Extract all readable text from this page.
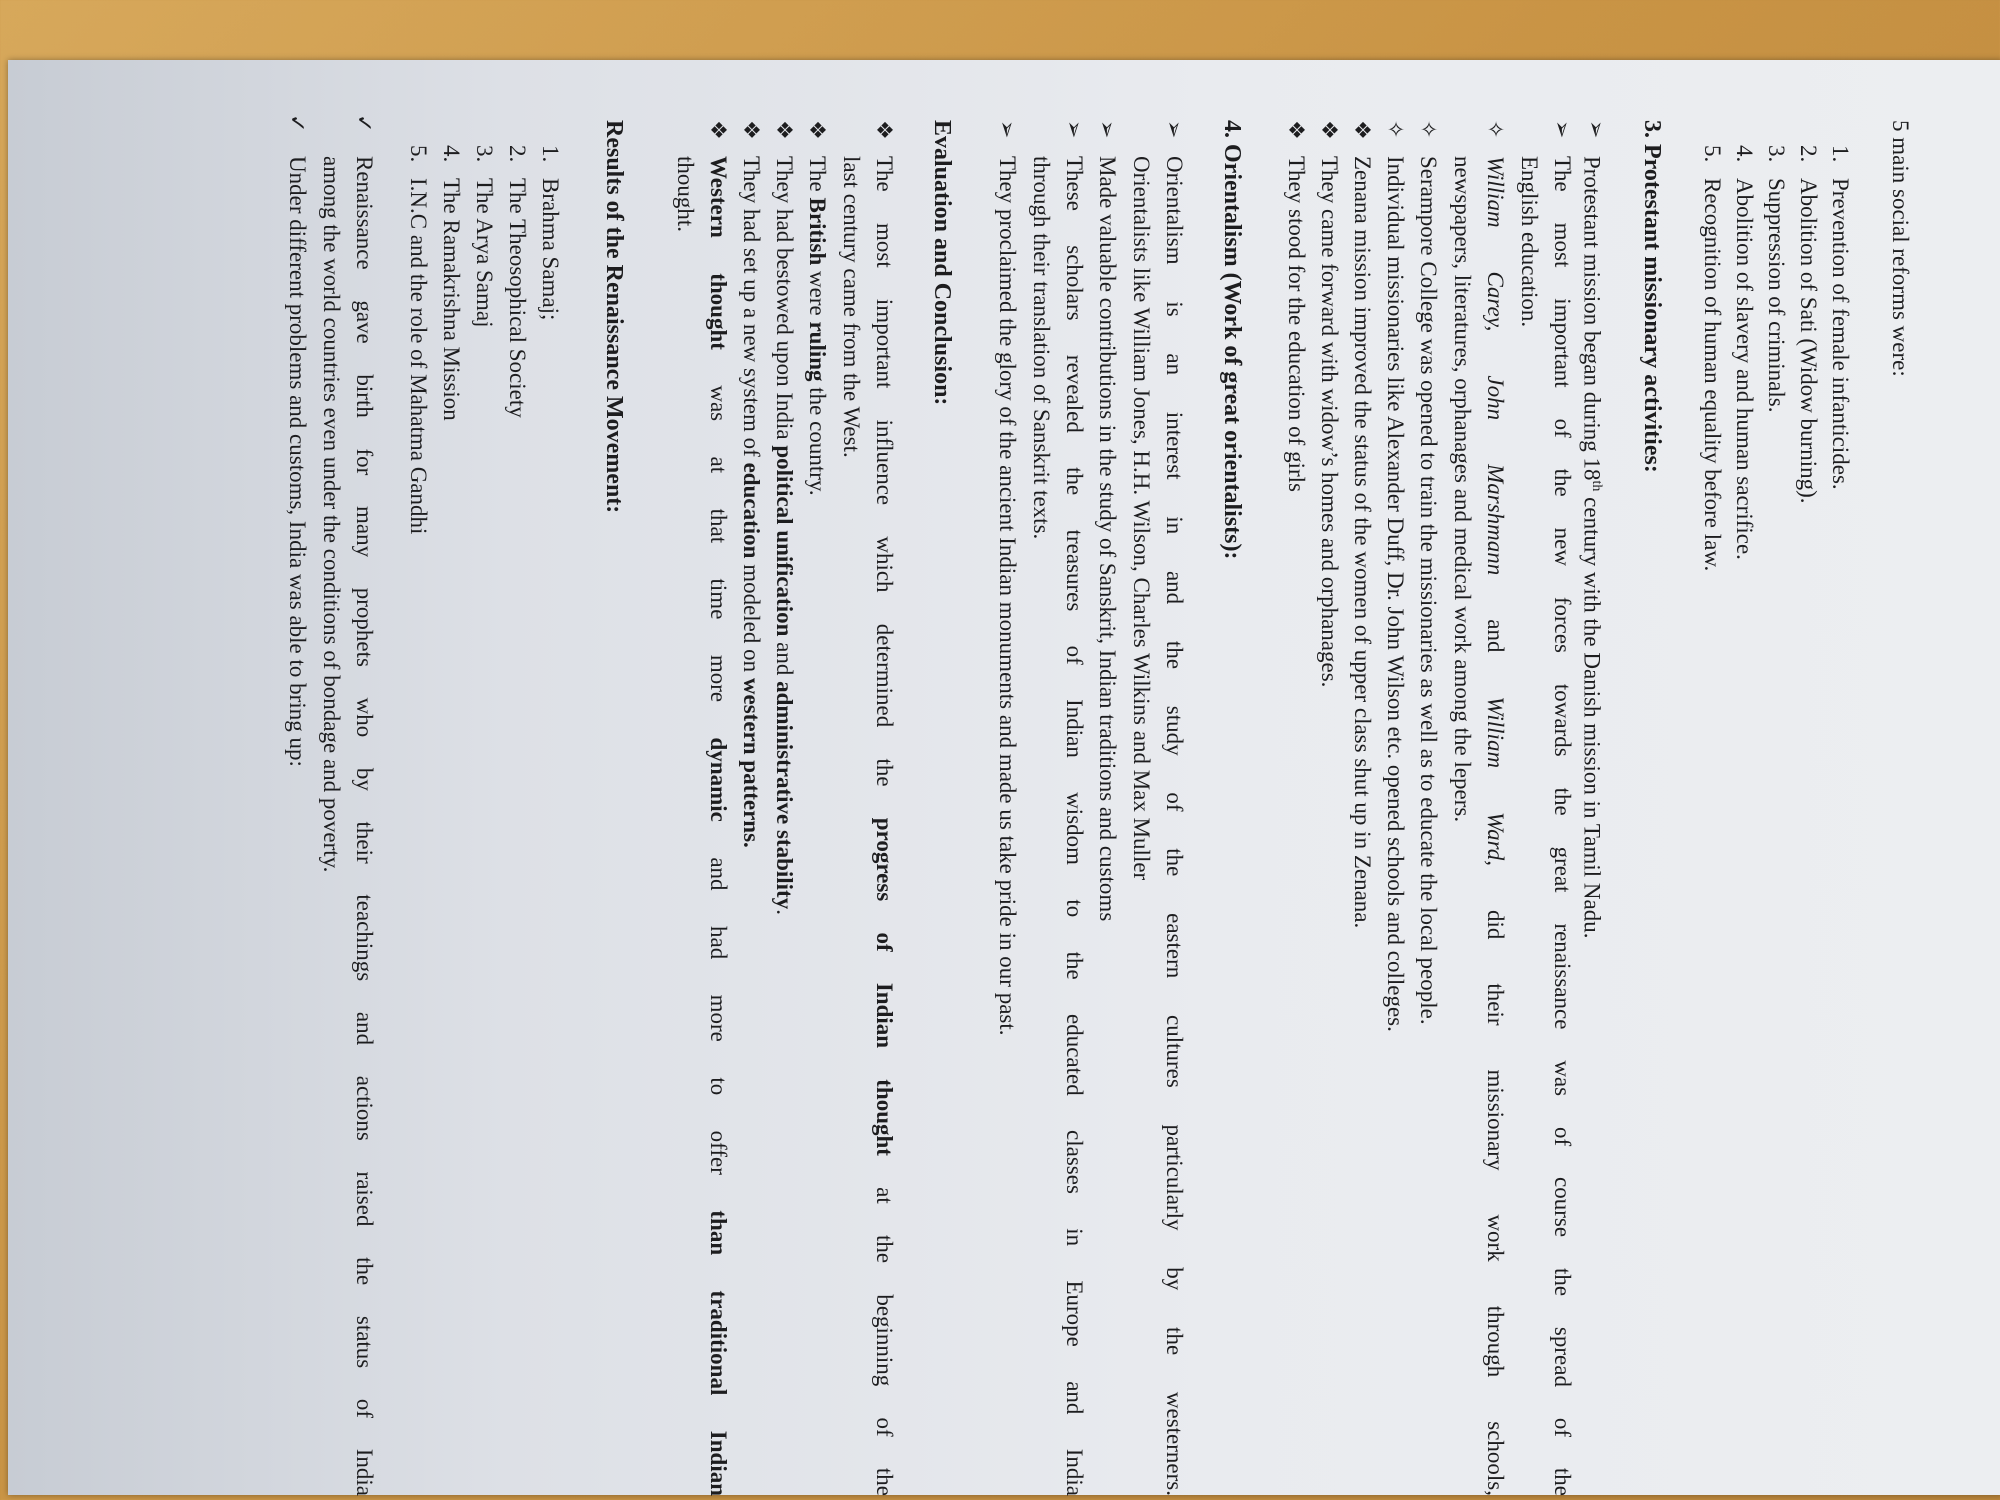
5 main social reforms were:
1.
Prevention of female infanticides.
2.
Abolition of Sati (Widow burning).
3.
Suppression of criminals.
4.
Abolition of slavery and human sacrifice.
5.
Recognition of human equality before law.
3. Protestant missionary activities:
➢
Protestant mission began during 18th century with the Danish mission in Tamil Nadu.
➢
The most important of the new forces towards the great renaissance was of course the spread of the
English education.
✧
William Carey, John Marshmann and William Ward, did their missionary work through schools,
newspapers, literatures, orphanages and medical work among the lepers.
✧
Serampore College was opened to train the missionaries as well as to educate the local people.
✧
Individual missionaries like Alexander Duff, Dr. John Wilson etc. opened schools and colleges.
❖
Zenana mission improved the status of the women of upper class shut up in Zenana.
❖
They came forward with widow’s homes and orphanages.
❖
They stood for the education of girls
4. Orientalism (Work of great orientalists):
➢
Orientalism is an interest in and the study of the eastern cultures particularly by the westerners.
Orientalists like William Jones, H.H. Wilson, Charles Wilkins and Max Muller
➢
Made valuable contributions in the study of Sanskrit, Indian traditions and customs
➢
These scholars revealed the treasures of Indian wisdom to the educated classes in Europe and India
through their translation of Sanskrit texts.
➢
They proclaimed the glory of the ancient Indian monuments and made us take pride in our past.
Evaluation and Conclusion:
❖
The most important influence which determined the progress of Indian thought at the beginning of the
last century came from the West.
❖
The British were ruling the country.
❖
They had bestowed upon India political unification and administrative stability.
❖
They had set up a new system of education modeled on western patterns.
❖
Western thought was at that time more dynamic and had more to offer than traditional Indian
thought.
Results of the Renaissance Movement:
1.
Brahma Samaj;
2.
The Theosophical Society
3.
The Arya Samaj
4.
The Ramakrishna Mission
5.
I.N.C and the role of Mahatma Gandhi
✓
Renaissance gave birth for many prophets who by their teachings and actions raised the status of India
among the world countries even under the conditions of bondage and poverty.
✓
Under different problems and customs, India was able to bring up:
